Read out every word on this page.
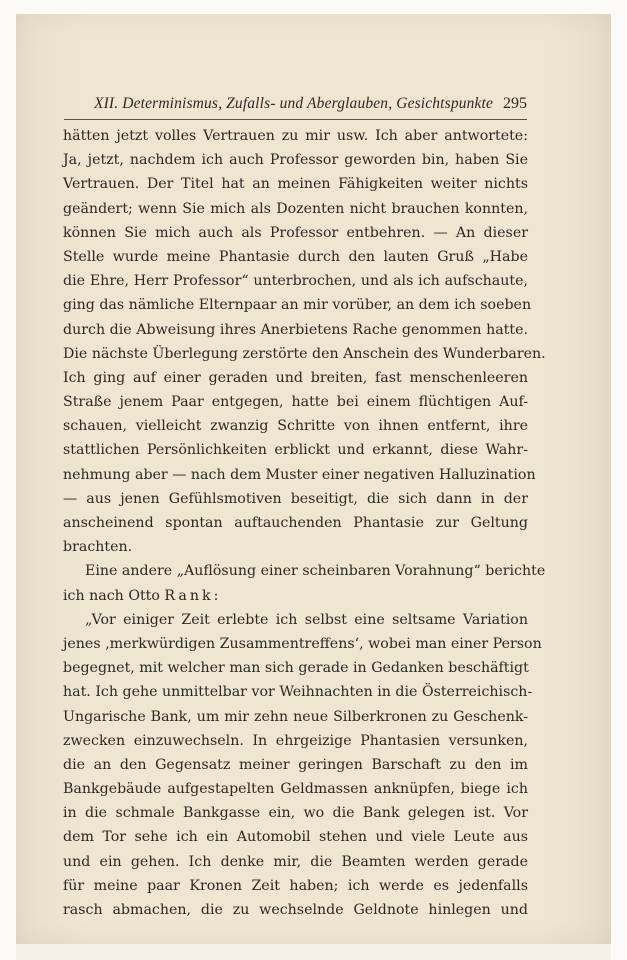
XII. Determinismus, Zufalls- und Aberglauben, Gesichtspunkte 295
hätten jetzt volles Vertrauen zu mir usw. Ich aber antwortete:
Ja, jetzt, nachdem ich auch Professor geworden bin, haben Sie
Vertrauen. Der Titel hat an meinen Fähigkeiten weiter nichts
geändert; wenn Sie mich als Dozenten nicht brauchen konnten,
können Sie mich auch als Professor entbehren. — An dieser
Stelle wurde meine Phantasie durch den lauten Gruß „Habe
die Ehre, Herr Professor“ unterbrochen, und als ich aufschaute,
ging das nämliche Elternpaar an mir vorüber, an dem ich soeben
durch die Abweisung ihres Anerbietens Rache genommen hatte.
Die nächste Überlegung zerstörte den Anschein des Wunderbaren.
Ich ging auf einer geraden und breiten, fast menschenleeren
Straße jenem Paar entgegen, hatte bei einem flüchtigen Auf-
schauen, vielleicht zwanzig Schritte von ihnen entfernt, ihre
stattlichen Persönlichkeiten erblickt und erkannt, diese Wahr-
nehmung aber — nach dem Muster einer negativen Halluzination
— aus jenen Gefühlsmotiven beseitigt, die sich dann in der
anscheinend spontan auftauchenden Phantasie zur Geltung
brachten.
Eine andere „Auflösung einer scheinbaren Vorahnung“ berichte
ich nach Otto Rank:
„Vor einiger Zeit erlebte ich selbst eine seltsame Variation
jenes ‚merkwürdigen Zusammentreffens‘, wobei man einer Person
begegnet, mit welcher man sich gerade in Gedanken beschäftigt
hat. Ich gehe unmittelbar vor Weihnachten in die Österreichisch-
Ungarische Bank, um mir zehn neue Silberkronen zu Geschenk-
zwecken einzuwechseln. In ehrgeizige Phantasien versunken,
die an den Gegensatz meiner geringen Barschaft zu den im
Bankgebäude aufgestapelten Geldmassen anknüpfen, biege ich
in die schmale Bankgasse ein, wo die Bank gelegen ist. Vor
dem Tor sehe ich ein Automobil stehen und viele Leute aus
und ein gehen. Ich denke mir, die Beamten werden gerade
für meine paar Kronen Zeit haben; ich werde es jedenfalls
rasch abmachen, die zu wechselnde Geldnote hinlegen und
